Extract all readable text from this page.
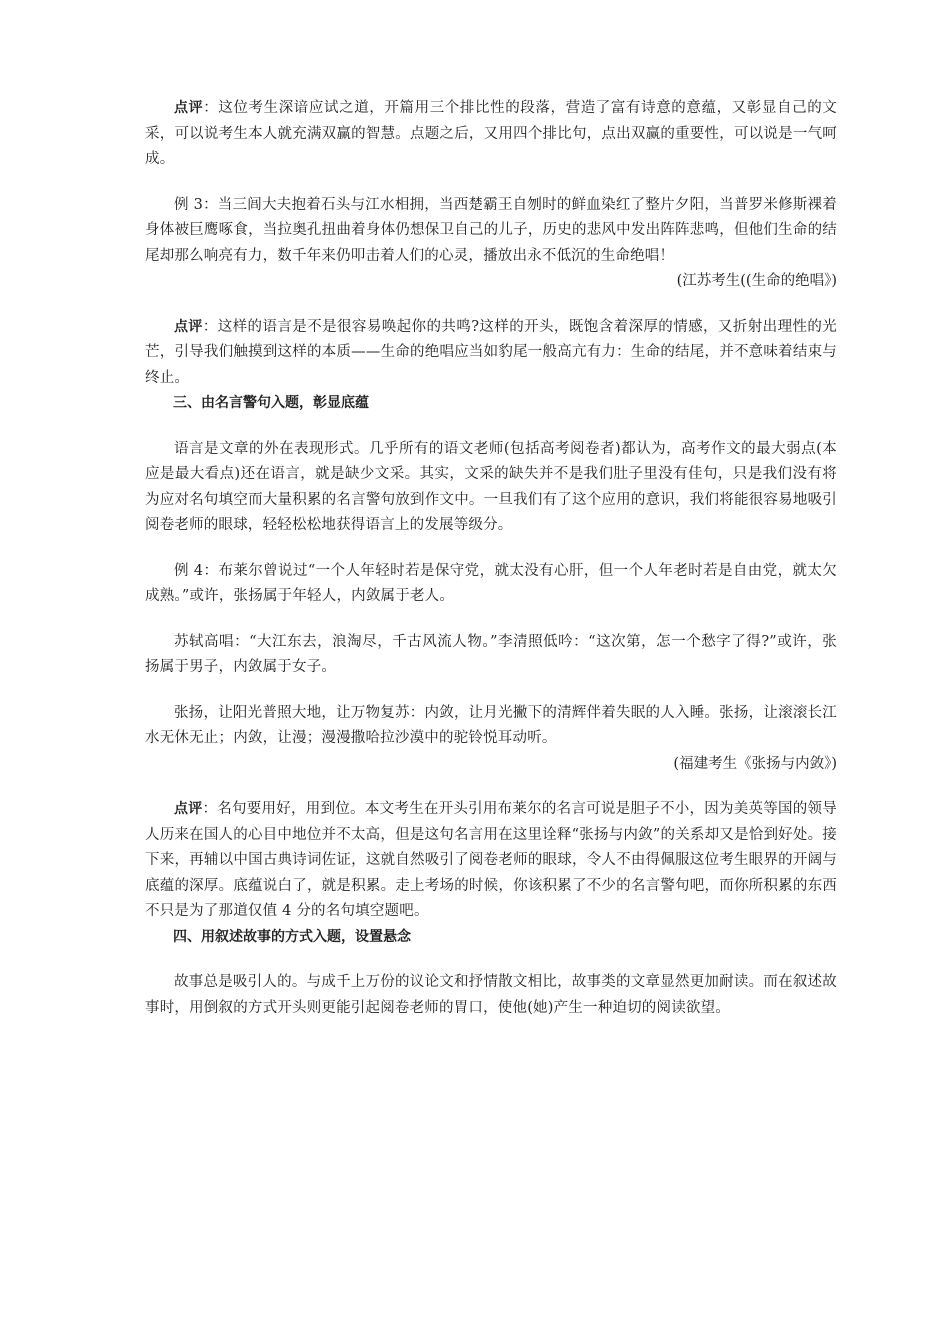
点评：这位考生深谙应试之道，开篇用三个排比性的段落，营造了富有诗意的意蕴，又彰显自己的文采，可以说考生本人就充满双赢的智慧。点题之后，又用四个排比句，点出双赢的重要性，可以说是一气呵成。

例 3：当三闾大夫抱着石头与江水相拥，当西楚霸王自刎时的鲜血染红了整片夕阳，当普罗米修斯裸着身体被巨鹰啄食，当拉奥孔扭曲着身体仍想保卫自己的儿子，历史的悲风中发出阵阵悲鸣，但他们生命的结尾却那么响亮有力，数千年来仍叩击着人们的心灵，播放出永不低沉的生命绝唱！

(江苏考生((生命的绝唱》)

点评：这样的语言是不是很容易唤起你的共鸣?这样的开头，既饱含着深厚的情感，又折射出理性的光芒，引导我们触摸到这样的本质——生命的绝唱应当如豹尾一般高亢有力：生命的结尾，并不意味着结束与终止。

三、由名言警句入题，彰显底蕴

语言是文章的外在表现形式。几乎所有的语文老师(包括高考阅卷者)都认为，高考作文的最大弱点(本应是最大看点)还在语言，就是缺少文采。其实，文采的缺失并不是我们肚子里没有佳句，只是我们没有将为应对名句填空而大量积累的名言警句放到作文中。一旦我们有了这个应用的意识，我们将能很容易地吸引阅卷老师的眼球，轻轻松松地获得语言上的发展等级分。

例 4：布莱尔曾说过“一个人年轻时若是保守党，就太没有心肝，但一个人年老时若是自由党，就太欠成熟。”或许，张扬属于年轻人，内敛属于老人。

苏轼高唱：“大江东去，浪淘尽，千古风流人物。”李清照低吟：“这次第，怎一个愁字了得?”或许，张扬属于男子，内敛属于女子。

张扬，让阳光普照大地，让万物复苏：内敛，让月光撇下的清辉伴着失眠的人入睡。张扬，让滚滚长江水无休无止；内敛，让漫；漫漫撒哈拉沙漠中的驼铃悦耳动听。

(福建考生《张扬与内敛》)

点评：名句要用好，用到位。本文考生在开头引用布莱尔的名言可说是胆子不小，因为美英等国的领导人历来在国人的心目中地位并不太高，但是这句名言用在这里诠释“张扬与内敛”的关系却又是恰到好处。接下来，再辅以中国古典诗词佐证，这就自然吸引了阅卷老师的眼球，令人不由得佩服这位考生眼界的开阔与底蕴的深厚。底蕴说白了，就是积累。走上考场的时候，你该积累了不少的名言警句吧，而你所积累的东西不只是为了那道仅值 4 分的名句填空题吧。

四、用叙述故事的方式入题，设置悬念

故事总是吸引人的。与成千上万份的议论文和抒情散文相比，故事类的文章显然更加耐读。而在叙述故事时，用倒叙的方式开头则更能引起阅卷老师的胃口，使他(她)产生一种迫切的阅读欲望。
